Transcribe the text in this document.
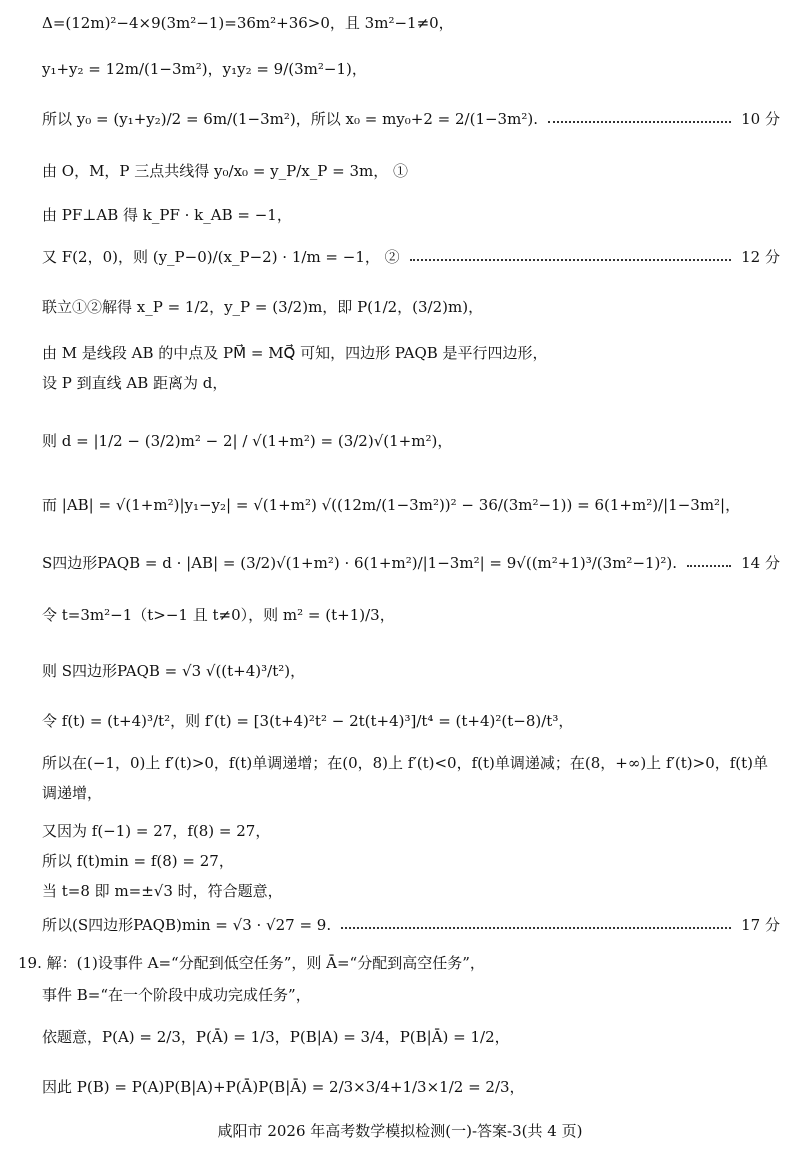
Δ=(12m)²−4×9(3m²−1)=36m²+36>0，且 3m²−1≠0，
y₁+y₂ = 12m/(1−3m²)，y₁y₂ = 9/(3m²−1)，
所以 y₀ = (y₁+y₂)/2 = 6m/(1−3m²)，所以 x₀ = my₀+2 = 2/(1−3m²).	10 分
由 O，M，P 三点共线得 y₀/x₀ = y_P/x_P = 3m， ①
由 PF⊥AB 得 k_PF · k_AB = −1，
又 F(2，0)，则 (y_P−0)/(x_P−2) · 1/m = −1， ②	12 分
联立①②解得 x_P = 1/2，y_P = (3/2)m，即 P(1/2，(3/2)m)，
由 M 是线段 AB 的中点及 PM⃗ = MQ⃗ 可知，四边形 PAQB 是平行四边形，
设 P 到直线 AB 距离为 d，
则 d = |1/2 − (3/2)m² − 2| / √(1+m²) = (3/2)√(1+m²)，
而 |AB| = √(1+m²)|y₁−y₂| = √(1+m²) √((12m/(1−3m²))² − 36/(3m²−1)) = 6(1+m²)/|1−3m²|，
S四边形PAQB = d · |AB| = (3/2)√(1+m²) · 6(1+m²)/|1−3m²| = 9√((m²+1)³/(3m²−1)²).	14 分
令 t=3m²−1（t>−1 且 t≠0），则 m² = (t+1)/3，
则 S四边形PAQB = √3 √((t+4)³/t²)，
令 f(t) = (t+4)³/t²，则 f′(t) = [3(t+4)²t² − 2t(t+4)³]/t⁴ = (t+4)²(t−8)/t³，
所以在(−1，0)上 f′(t)>0，f(t)单调递增；在(0，8)上 f′(t)<0，f(t)单调递减；在(8，+∞)上 f′(t)>0，f(t)单调递增，
又因为 f(−1) = 27，f(8) = 27，
所以 f(t)min = f(8) = 27，
当 t=8 即 m=±√3 时，符合题意，
所以(S四边形PAQB)min = √3 · √27 = 9.	17 分
19. 解：(1)设事件 A=“分配到低空任务”，则 Ā=“分配到高空任务”，
事件 B=“在一个阶段中成功完成任务”，
依题意，P(A) = 2/3，P(Ā) = 1/3，P(B|A) = 3/4，P(B|Ā) = 1/2，
因此 P(B) = P(A)P(B|A)+P(Ā)P(B|Ā) = 2/3×3/4+1/3×1/2 = 2/3，
咸阳市 2026 年高考数学模拟检测(一)-答案-3(共 4 页)
